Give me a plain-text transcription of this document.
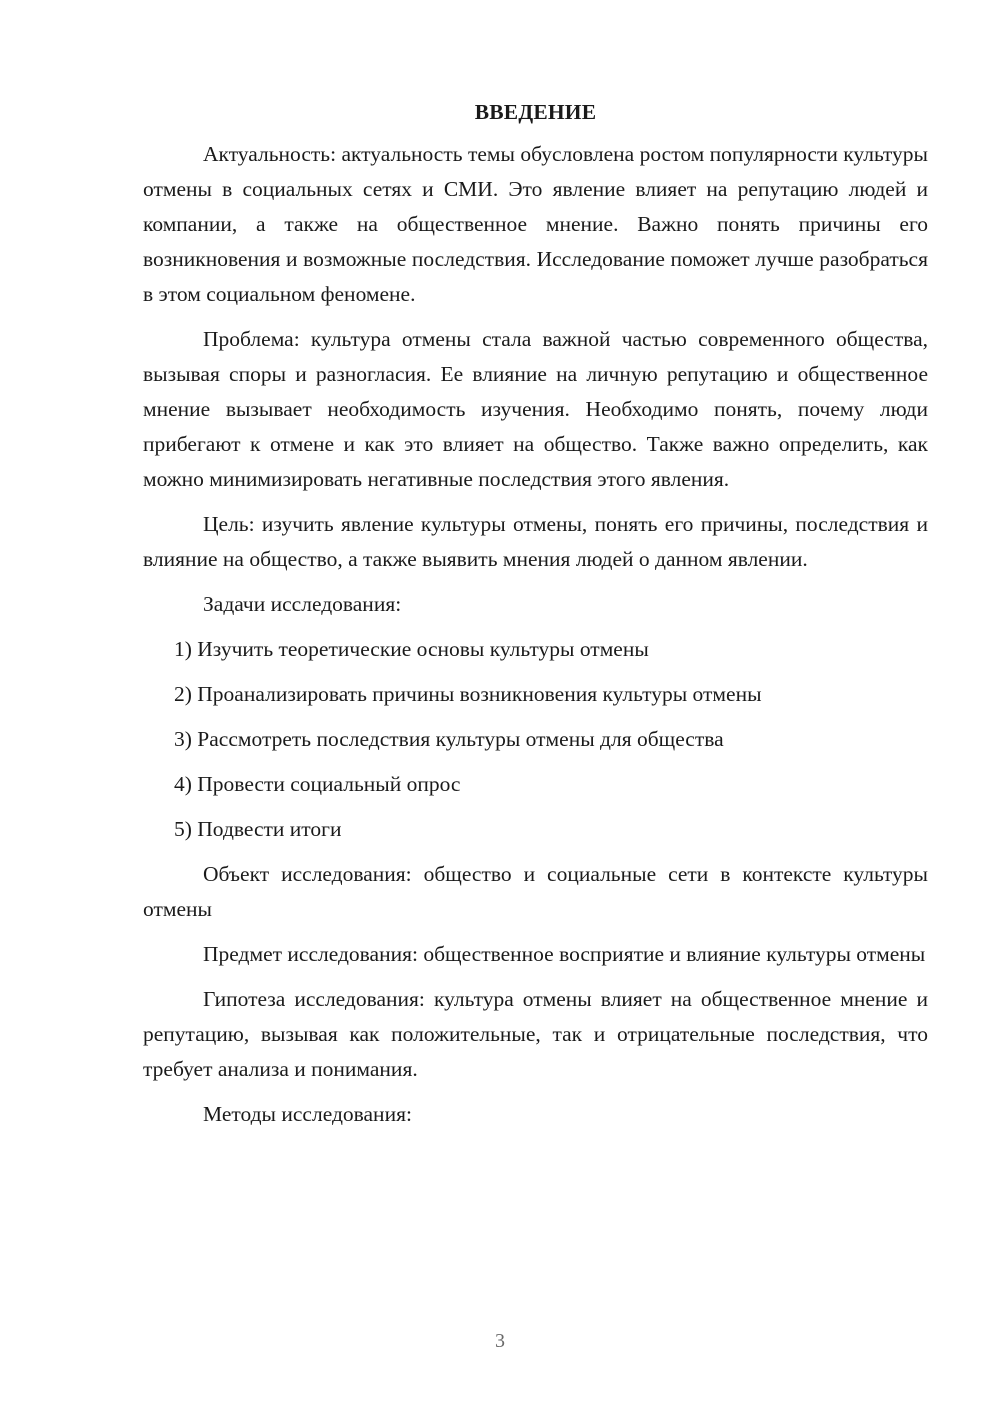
ВВЕДЕНИЕ

Актуальность: актуальность темы обусловлена ростом популярности культуры отмены в социальных сетях и СМИ. Это явление влияет на репутацию людей и компании, а также на общественное мнение. Важно понять причины его возникновения и возможные последствия. Исследование поможет лучше разобраться в этом социальном феномене.

Проблема: культура отмены стала важной частью современного общества, вызывая споры и разногласия. Ее влияние на личную репутацию и общественное мнение вызывает необходимость изучения. Необходимо понять, почему люди прибегают к отмене и как это влияет на общество. Также важно определить, как можно минимизировать негативные последствия этого явления.

Цель: изучить явление культуры отмены, понять его причины, последствия и влияние на общество, а также выявить мнения людей о данном явлении.

Задачи исследования:

1) Изучить теоретические основы культуры отмены
2) Проанализировать причины возникновения культуры отмены
3) Рассмотреть последствия культуры отмены для общества
4) Провести социальный опрос
5) Подвести итоги

Объект исследования: общество и социальные сети в контексте культуры отмены

Предмет исследования: общественное восприятие и влияние культуры отмены

Гипотеза исследования: культура отмены влияет на общественное мнение и репутацию, вызывая как положительные, так и отрицательные последствия, что требует анализа и понимания.

Методы исследования:

3
